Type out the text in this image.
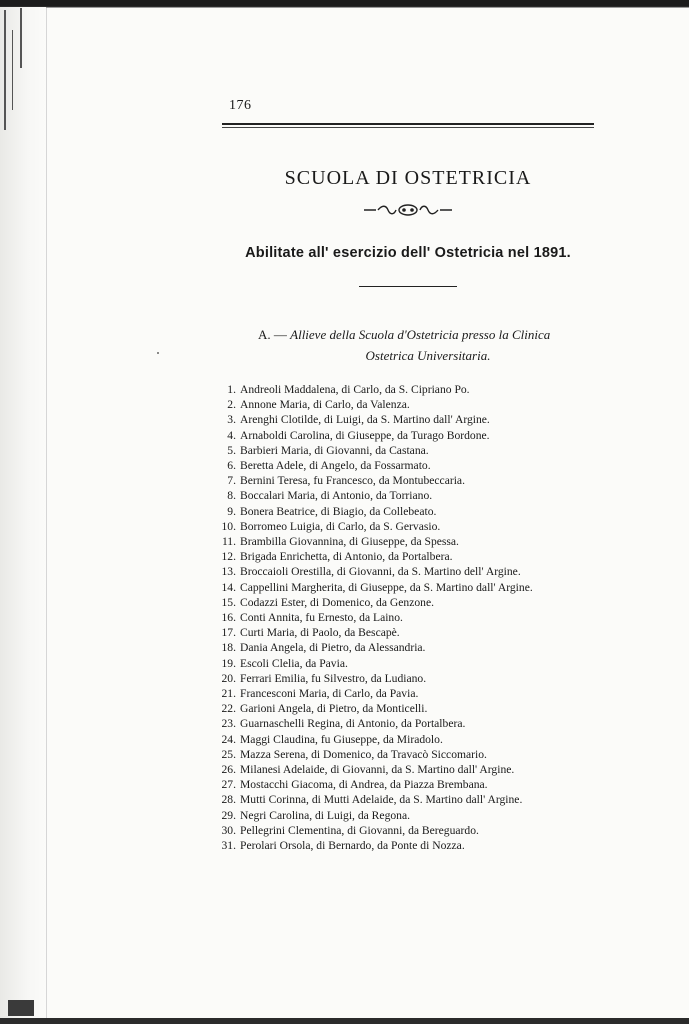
176
SCUOLA DI OSTETRICIA
Abilitate all' esercizio dell' Ostetricia nel 1891.
A. — Allieve della Scuola d'Ostetricia presso la Clinica
Ostetrica Universitaria.
1. Andreoli Maddalena, di Carlo, da S. Cipriano Po.
2. Annone Maria, di Carlo, da Valenza.
3. Arenghi Clotilde, di Luigi, da S. Martino dall' Argine.
4. Arnaboldi Carolina, di Giuseppe, da Turago Bordone.
5. Barbieri Maria, di Giovanni, da Castana.
6. Beretta Adele, di Angelo, da Fossarmato.
7. Bernini Teresa, fu Francesco, da Montubeccaria.
8. Boccalari Maria, di Antonio, da Torriano.
9. Bonera Beatrice, di Biagio, da Collebeato.
10. Borromeo Luigia, di Carlo, da S. Gervasio.
11. Brambilla Giovannina, di Giuseppe, da Spessa.
12. Brigada Enrichetta, di Antonio, da Portalbera.
13. Broccaioli Orestilla, di Giovanni, da S. Martino dell' Argine.
14. Cappellini Margherita, di Giuseppe, da S. Martino dall' Argine.
15. Codazzi Ester, di Domenico, da Genzone.
16. Conti Annita, fu Ernesto, da Laino.
17. Curti Maria, di Paolo, da Bescapè.
18. Dania Angela, di Pietro, da Alessandria.
19. Escoli Clelia, da Pavia.
20. Ferrari Emilia, fu Silvestro, da Ludiano.
21. Francesconi Maria, di Carlo, da Pavia.
22. Garioni Angela, di Pietro, da Monticelli.
23. Guarnaschelli Regina, di Antonio, da Portalbera.
24. Maggi Claudina, fu Giuseppe, da Miradolo.
25. Mazza Serena, di Domenico, da Travacò Siccomario.
26. Milanesi Adelaide, di Giovanni, da S. Martino dall' Argine.
27. Mostacchi Giacoma, di Andrea, da Piazza Brembana.
28. Mutti Corinna, di Mutti Adelaide, da S. Martino dall' Argine.
29. Negri Carolina, di Luigi, da Regona.
30. Pellegrini Clementina, di Giovanni, da Bereguardo.
31. Perolari Orsola, di Bernardo, da Ponte di Nozza.
